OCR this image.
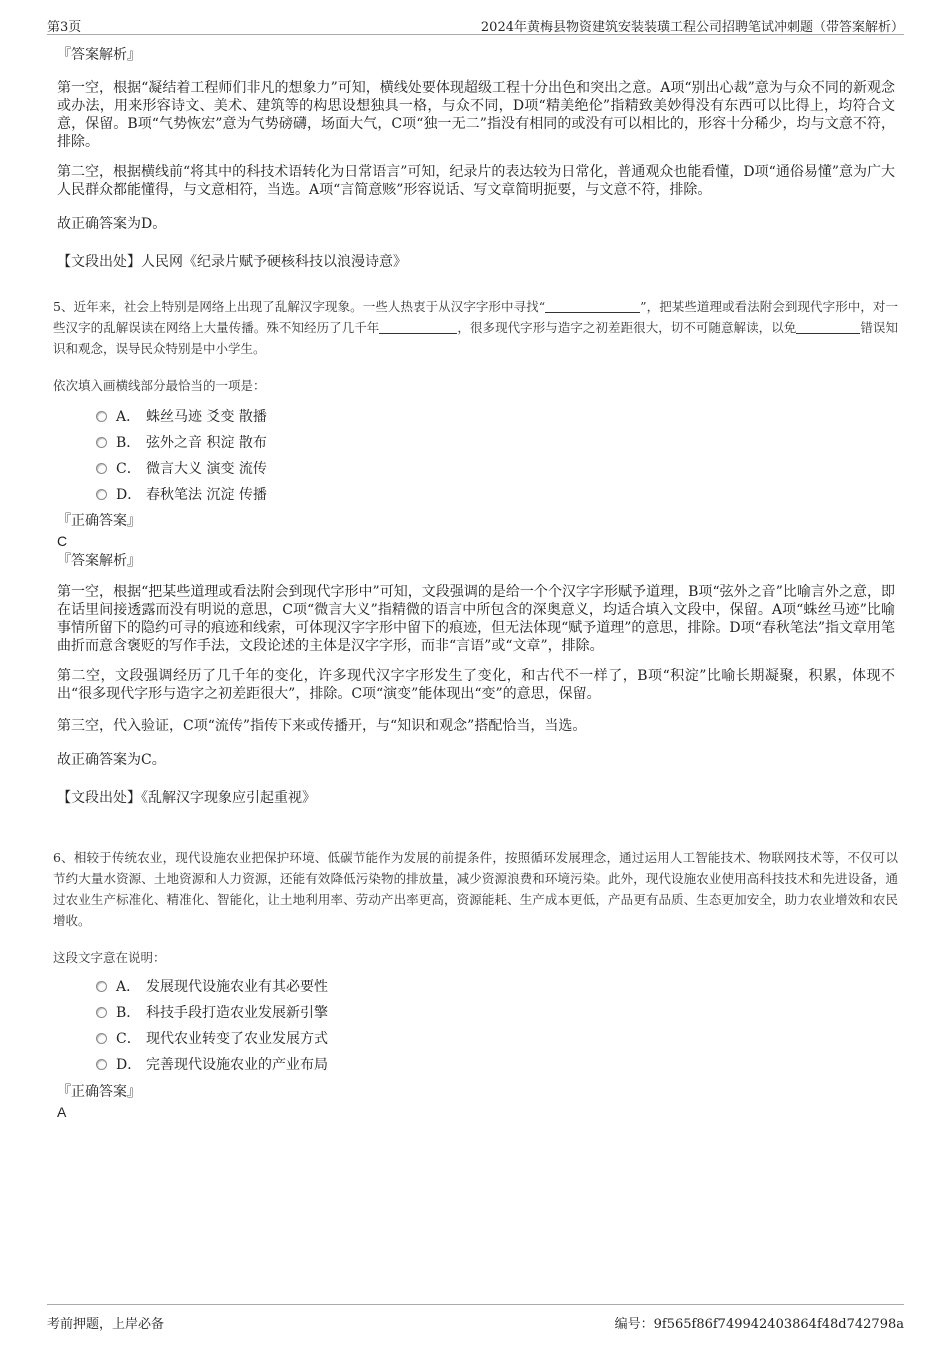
第3页	2024年黄梅县物资建筑安装装璜工程公司招聘笔试冲刺题（带答案解析）

『答案解析』

第一空，根据“凝结着工程师们非凡的想象力”可知，横线处要体现超级工程十分出色和突出之意。A项“别出心裁”意为与众不同的新观念或办法，用来形容诗文、美术、建筑等的构思设想独具一格，与众不同，D项“精美绝伦”指精致美妙得没有东西可以比得上，均符合文意，保留。B项“气势恢宏”意为气势磅礴，场面大气，C项“独一无二”指没有相同的或没有可以相比的，形容十分稀少，均与文意不符，排除。

第二空，根据横线前“将其中的科技术语转化为日常语言”可知，纪录片的表达较为日常化，普通观众也能看懂，D项“通俗易懂”意为广大人民群众都能懂得，与文意相符，当选。A项“言简意赅”形容说话、写文章简明扼要，与文意不符，排除。

故正确答案为D。

【文段出处】人民网《纪录片赋予硬核科技以浪漫诗意》

5、近年来，社会上特别是网络上出现了乱解汉字现象。一些人热衷于从汉字字形中寻找“	”，把某些道理或看法附会到现代字形中，对一些汉字的乱解误读在网络上大量传播。殊不知经历了几千年	，很多现代字形与造字之初差距很大，切不可随意解读，以免	错误知识和观念，误导民众特别是中小学生。

依次填入画横线部分最恰当的一项是：

A． 蛛丝马迹 爻变 散播
B． 弦外之音 积淀 散布
C． 微言大义 演变 流传
D． 春秋笔法 沉淀 传播

『正确答案』

C

『答案解析』

第一空，根据“把某些道理或看法附会到现代字形中”可知，文段强调的是给一个个汉字字形赋予道理，B项“弦外之音”比喻言外之意，即在话里间接透露而没有明说的意思，C项“微言大义”指精微的语言中所包含的深奥意义，均适合填入文段中，保留。A项“蛛丝马迹”比喻事情所留下的隐约可寻的痕迹和线索，可体现汉字字形中留下的痕迹，但无法体现“赋予道理”的意思，排除。D项“春秋笔法”指文章用笔曲折而意含褒贬的写作手法，文段论述的主体是汉字字形，而非“言语”或“文章”，排除。

第二空，文段强调经历了几千年的变化，许多现代汉字字形发生了变化，和古代不一样了，B项“积淀”比喻长期凝聚，积累，体现不出“很多现代字形与造字之初差距很大”，排除。C项“演变”能体现出“变”的意思，保留。

第三空，代入验证，C项“流传”指传下来或传播开，与“知识和观念”搭配恰当，当选。

故正确答案为C。

【文段出处】《乱解汉字现象应引起重视》

6、相较于传统农业，现代设施农业把保护环境、低碳节能作为发展的前提条件，按照循环发展理念，通过运用人工智能技术、物联网技术等，不仅可以节约大量水资源、土地资源和人力资源，还能有效降低污染物的排放量，减少资源浪费和环境污染。此外，现代设施农业使用高科技技术和先进设备，通过农业生产标准化、精准化、智能化，让土地利用率、劳动产出率更高，资源能耗、生产成本更低，产品更有品质、生态更加安全，助力农业增效和农民增收。

这段文字意在说明：

A． 发展现代设施农业有其必要性
B． 科技手段打造农业发展新引擎
C． 现代农业转变了农业发展方式
D． 完善现代设施农业的产业布局

『正确答案』

A

考前押题，上岸必备	编号：9f565f86f749942403864f48d742798a
